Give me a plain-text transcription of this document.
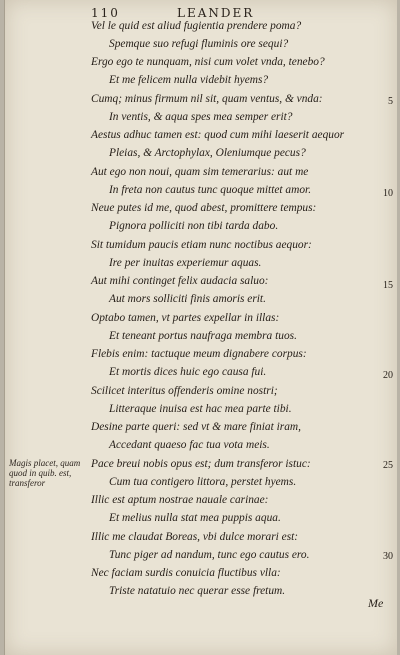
110	LEANDER
Vel le quid est aliud fugientia prendere poma?
Spemque suo refugi fluminis ore sequi?
Ergo ego te nunquam, nisi cum volet vnda, tenebo?
Et me felicem nulla videbit hyems?
Cumq; minus firmum nil sit, quam ventus, & vnda:
In ventis, & aqua spes mea semper erit?
Aestus adhuc tamen est: quod cum mihi laeserit aequor
Pleias, & Arctophylax, Oleniumque pecus?
Aut ego non noui, quam sim temerarius: aut me
In freta non cautus tunc quoque mittet amor.
Neue putes id me, quod abest, promittere tempus:
Pignora polliciti non tibi tarda dabo.
Sit tumidum paucis etiam nunc noctibus aequor:
Ire per inuitas experiemur aquas.
Aut mihi continget felix audacia saluo:
Aut mors solliciti finis amoris erit.
Optabo tamen, vt partes expellar in illas:
Et teneant portus naufraga membra tuos.
Flebis enim: tactuque meum dignabere corpus:
Et mortis dices huic ego causa fui.
Scilicet interitus offenderis omine nostri;
Litteraque inuisa est hac mea parte tibi.
Desine parte queri: sed vt & mare finiat iram,
Accedant quaeso fac tua vota meis.
Pace breui nobis opus est; dum transferor istuc:
Cum tua contigero littora, perstet hyems.
Illic est aptum nostrae nauale carinae:
Et melius nulla stat mea puppis aqua.
Illic me claudat Boreas, vbi dulce morari est:
Tunc piger ad nandum, tunc ego cautus ero.
Nec faciam surdis conuicia fluctibus vlla:
Triste natatuio nec querar esse fretum.
5
10
15
20
25
30
Magis placet, quam quod in quib. est, transferor
Me
